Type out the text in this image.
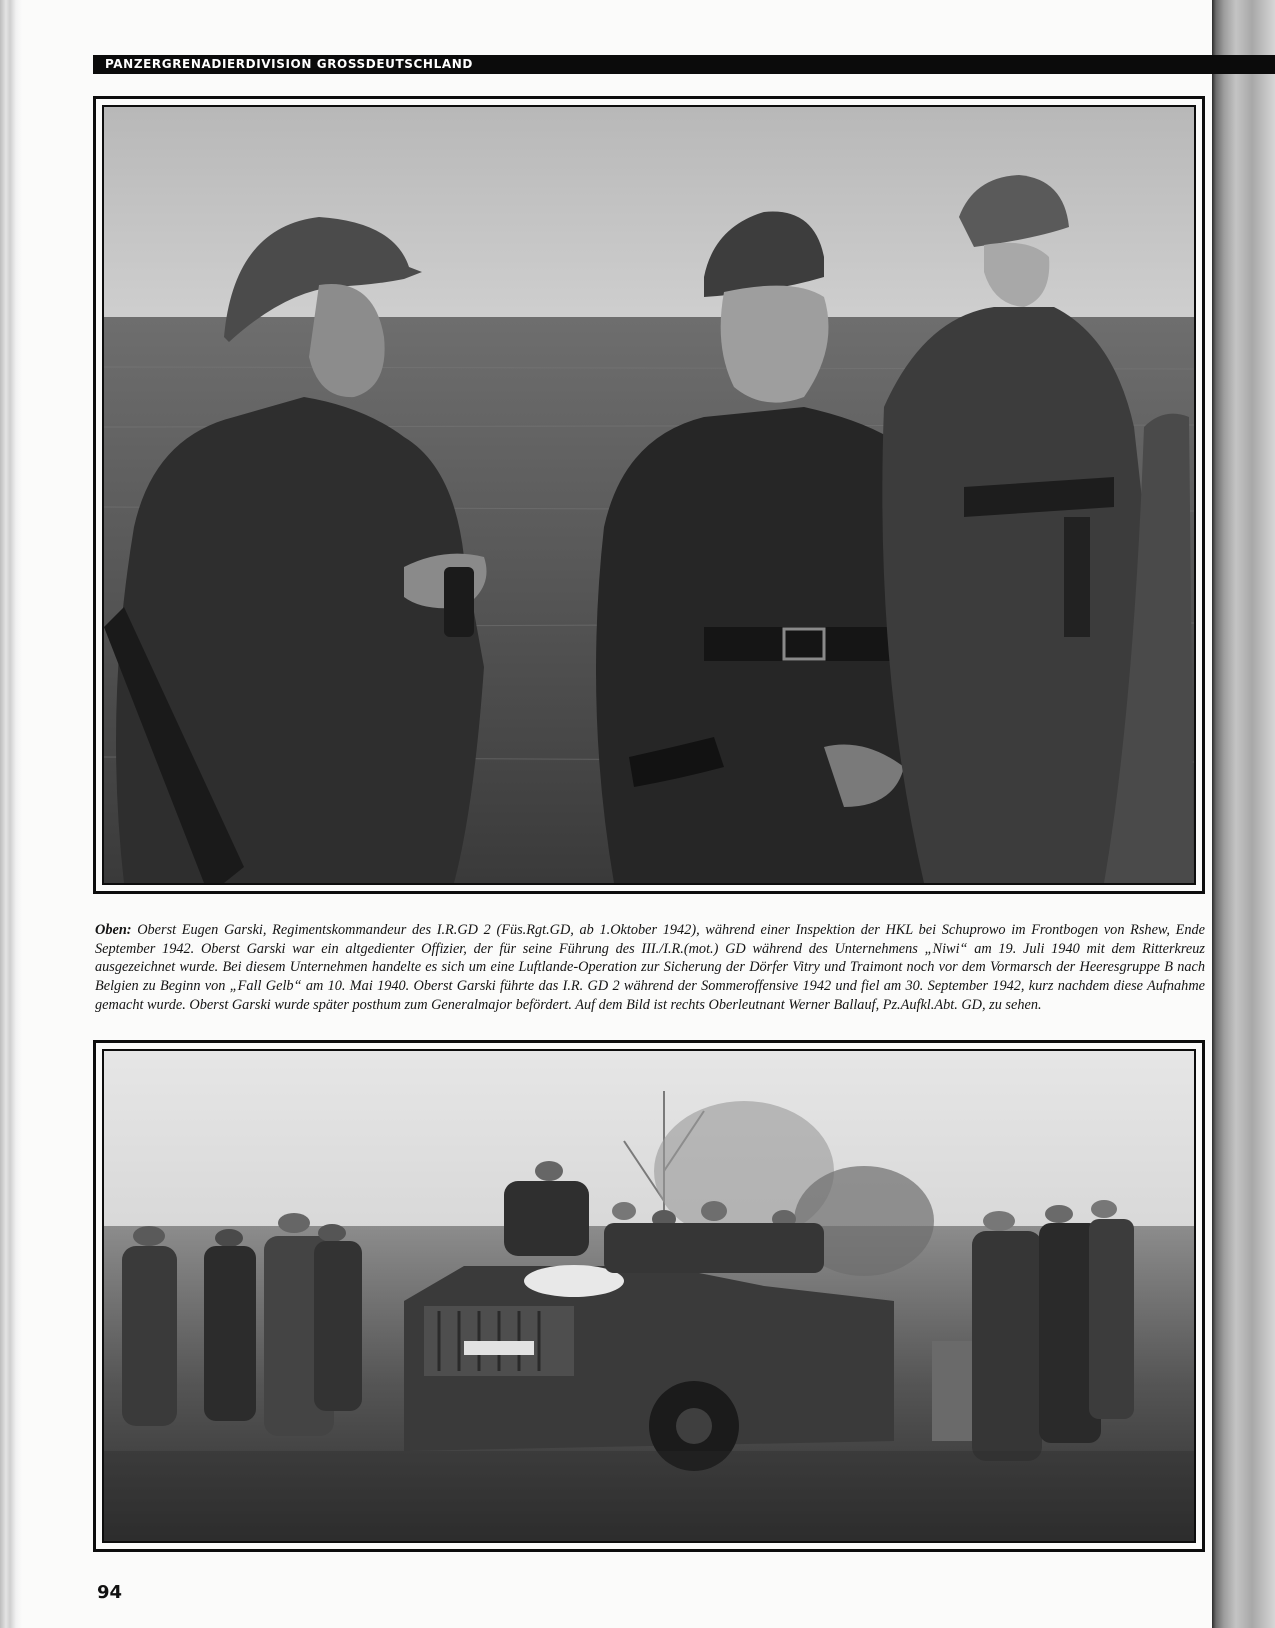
PANZERGRENADIERDIVISION GROSSDEUTSCHLAND

Oben: Oberst Eugen Garski, Regimentskommandeur des I.R.GD 2 (Füs.Rgt.GD, ab 1.Oktober 1942), während einer Inspektion der HKL bei Schuprowo im Frontbogen von Rshew, Ende September 1942. Oberst Garski war ein altgedienter Offizier, der für seine Führung des III./I.R.(mot.) GD während des Unternehmens „Niwi“ am 19. Juli 1940 mit dem Ritterkreuz ausgezeichnet wurde. Bei diesem Unternehmen handelte es sich um eine Luftlande-Operation zur Sicherung der Dörfer Vitry und Traimont noch vor dem Vormarsch der Heeresgruppe B nach Belgien zu Beginn von „Fall Gelb“ am 10. Mai 1940. Oberst Garski führte das I.R. GD 2 während der Sommeroffensive 1942 und fiel am 30. September 1942, kurz nachdem diese Aufnahme gemacht wurde. Oberst Garski wurde später posthum zum Generalmajor befördert. Auf dem Bild ist rechts Oberleutnant Werner Ballauf, Pz.Aufkl.Abt. GD, zu sehen.

94
